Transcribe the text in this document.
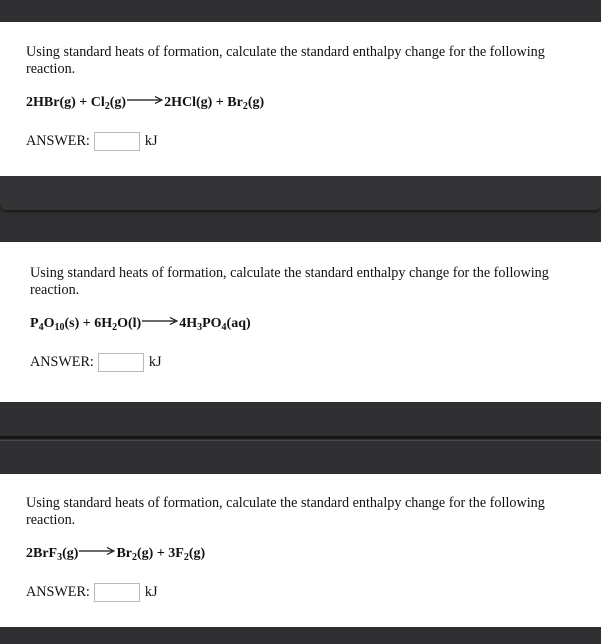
Using standard heats of formation, calculate the standard enthalpy change for the following reaction.

$2HBr(g) + Cl_2(g)\to 2HCl(g) + Br_2(g)$
ANSWER:	kJ

Using standard heats of formation, calculate the standard enthalpy change for the following reaction.

$P_4O_{10}(s) + 6H_2O(l)\to 4H_3PO_4(aq)$
ANSWER:	kJ

Using standard heats of formation, calculate the standard enthalpy change for the following reaction.

$2BrF_3(g)\to Br_2(g) + 3F_2(g)$
ANSWER:	kJ
